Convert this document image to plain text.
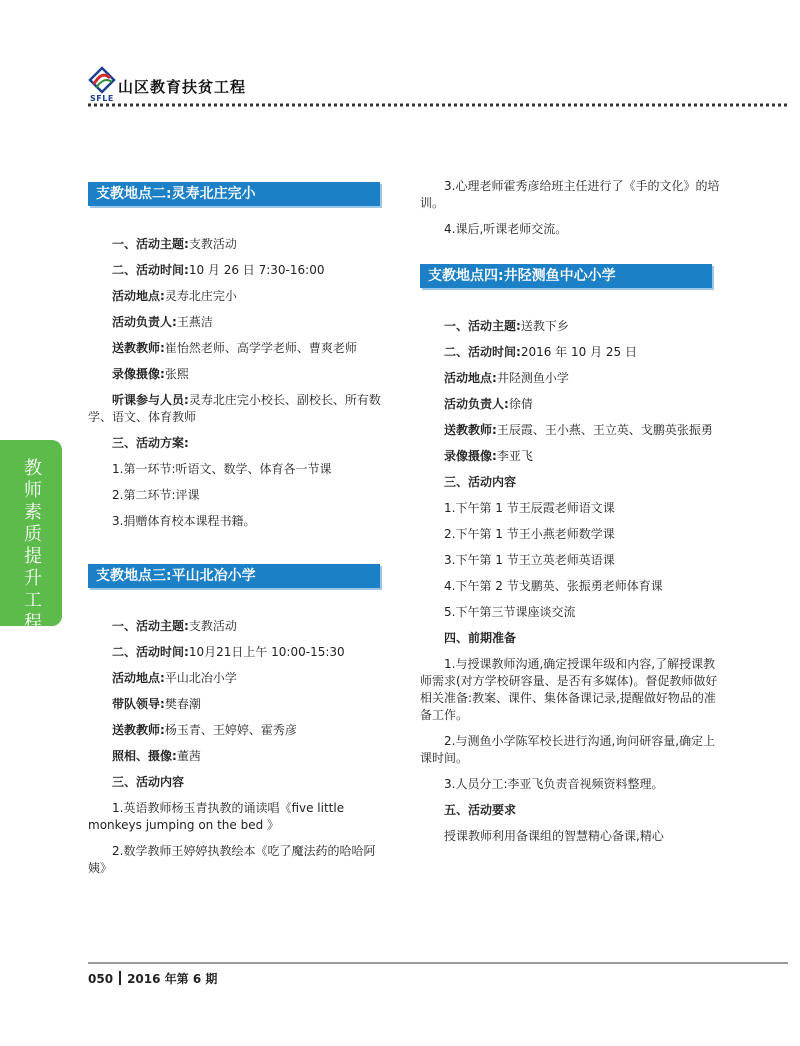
SFLE
山区教育扶贫工程
教师素质提升工程
支教地点二:灵寿北庄完小

一、活动主题:支教活动

二、活动时间:10 月 26 日 7:30-16:00

活动地点:灵寿北庄完小

活动负责人:王燕洁

送教教师:崔怡然老师、高学学老师、曹爽老师

录像摄像:张熙

听课参与人员:灵寿北庄完小校长、副校长、所有数学、语文、体育教师

三、活动方案:

1.第一环节:听语文、数学、体育各一节课

2.第二环节:评课

3.捐赠体育校本课程书籍。

支教地点三:平山北冶小学

一、活动主题:支教活动

二、活动时间:10月21日上午 10:00-15:30

活动地点:平山北冶小学

带队领导:樊春潮

送教教师:杨玉青、王婷婷、霍秀彦

照相、摄像:董茜

三、活动内容

1.英语教师杨玉青执教的诵读唱《five little monkeys jumping on the bed 》

2.数学教师王婷婷执教绘本《吃了魔法药的哈哈阿姨》

3.心理老师霍秀彦给班主任进行了《手的文化》的培训。

4.课后,听课老师交流。

支教地点四:井陉测鱼中心小学

一、活动主题:送教下乡

二、活动时间:2016 年 10 月 25 日

活动地点:井陉测鱼小学

活动负责人:徐倩

送教教师:王辰霞、王小燕、王立英、戈鹏英张振勇

录像摄像:李亚飞

三、活动内容

1.下午第 1 节王辰霞老师语文课

2.下午第 1 节王小燕老师数学课

3.下午第 1 节王立英老师英语课

4.下午第 2 节戈鹏英、张振勇老师体育课

5.下午第三节课座谈交流

四、前期准备

1.与授课教师沟通,确定授课年级和内容,了解授课教师需求(对方学校研容量、是否有多媒体)。督促教师做好相关准备:教案、课件、集体备课记录,提醒做好物品的准备工作。

2.与测鱼小学陈军校长进行沟通,询问研容量,确定上课时间。

3.人员分工:李亚飞负责音视频资料整理。

五、活动要求

授课教师利用备课组的智慧精心备课,精心

050 2016 年第 6 期
